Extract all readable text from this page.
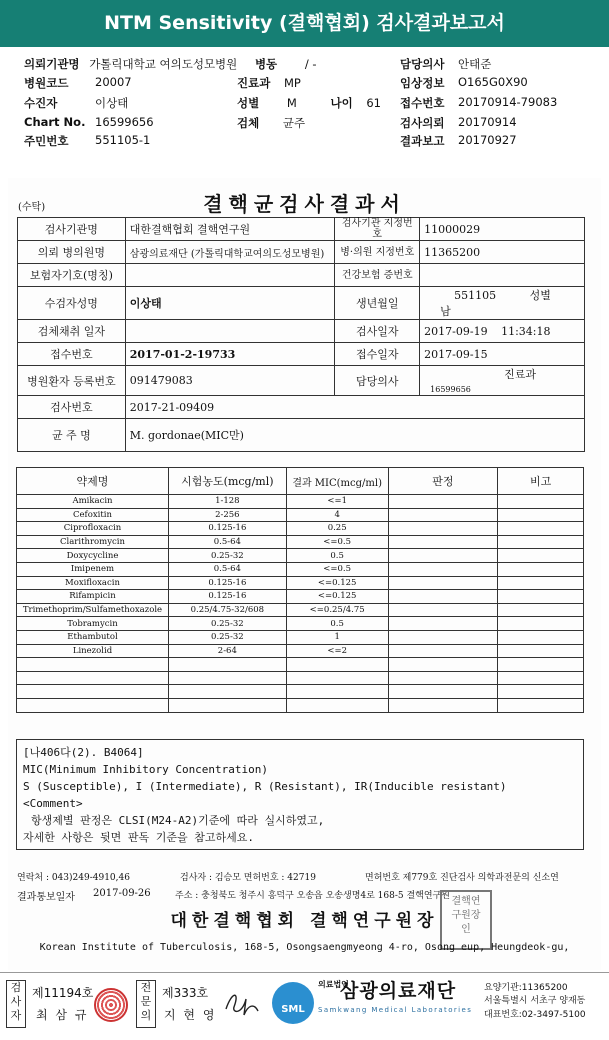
NTM Sensitivity (결핵협회) 검사결과보고서
의뢰기관명 가톨릭대학교 여의도성모병원 병동 / -
병원코드 20007
수진자	이상태
Chart No. 16599656
주민번호 551105-1
진료과 MP
성별 M	나이 61
검체 균주
담당의사 안태준
임상정보 O165G0X90
접수번호 20170914-79083
검사의뢰 20170914
결과보고 20170927
(수탁)	결핵균검사결과서
검사기관명	대한결핵협회 결핵연구원	검사기관 지정번호	11000029
의뢰 병의원명	삼광의료재단 (가톨릭대학교여의도성모병원)	병·의원 지정번호	11365200
보험자기호(명칭)		건강보험 증번호	
수검자성명	이상태	생년월일	551105 성별 남
검체채취 일자		검사일자	2017-09-19 11:34:18
접수번호	2017-01-2-19733	접수일자	2017-09-15
병원환자 등록번호	091479083	담당의사	진료과 16599656
검사번호	2017-21-09409		
균 주 명	M. gordonae(MIC만)		
약제명	시험농도(mcg/ml)	결과 MIC(mcg/ml)	판정	비고
Amikacin	1-128	<=1		
Cefoxitin	2-256	4		
Ciprofloxacin	0.125-16	0.25		
Clarithromycin	0.5-64	<=0.5		
Doxycycline	0.25-32	0.5		
Imipenem	0.5-64	<=0.5		
Moxifloxacin	0.125-16	<=0.125		
Rifampicin	0.125-16	<=0.125		
Trimethoprim/Sulfamethoxazole	0.25/4.75-32/608	<=0.25/4.75		
Tobramycin	0.25-32	0.5		
Ethambutol	0.25-32	1		
Linezolid	2-64	<=2		

[나406다(2). B4064]
MIC(Minimum Inhibitory Concentration)
S (Susceptible), I (Intermediate), R (Resistant), IR(Inducible resistant)
<Comment>
항생제별 판정은 CLSI(M24-A2)기준에 따라 실시하였고,
자세한 사항은 뒷면 판독 기준을 참고하세요.
연락처 : 043)249-4910,46	검사자 : 김승모 면허번호 : 42719	면허번호 제779호 진단검사 의학과전문의 신소연
결과통보일자 2017-09-26	주소 : 충청북도 청주시 흥덕구 오송읍 오송생명4로 168-5 결핵연구원
대한결핵협회 결핵연구원장
결핵연구원장인
Korean Institute of Tuberculosis, 168-5, Osongsaengmyeong 4-ro, Osong eup, Heungdeok-gu,
검사자
제11194호
최 삼 규
전문의
제333호
지 현 영	SML
의료법인
삼광의료재단
Samkwang Medical Laboratories
요양기관:11365200
서울특별시 서초구 양재동
대표번호:02-3497-5100
